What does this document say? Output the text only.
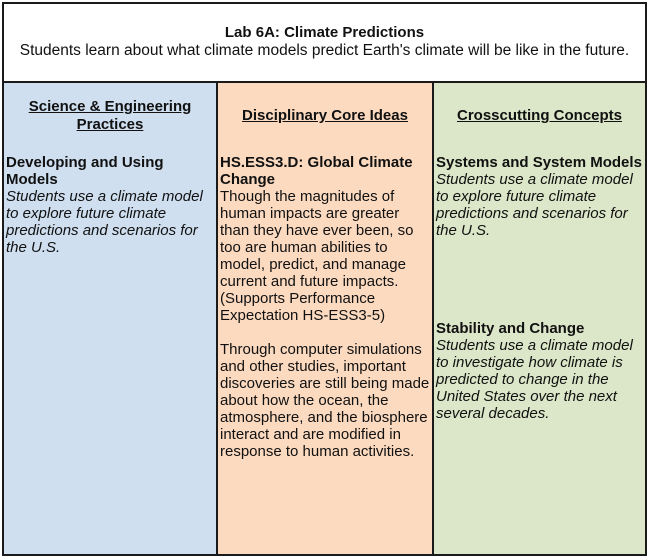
Lab 6A: Climate Predictions
Students learn about what climate models predict Earth's climate will be like in the future.
Science & Engineering Practices
Developing and Using Models
Students use a climate model to explore future climate predictions and scenarios for the U.S.
Disciplinary Core Ideas
HS.ESS3.D: Global Climate Change
Though the magnitudes of human impacts are greater than they have ever been, so too are human abilities to model, predict, and manage current and future impacts. (Supports Performance Expectation HS-ESS3-5)
Through computer simulations and other studies, important discoveries are still being made about how the ocean, the atmosphere, and the biosphere interact and are modified in response to human activities.
Crosscutting Concepts
Systems and System Models
Students use a climate model to explore future climate predictions and scenarios for the U.S.
Stability and Change
Students use a climate model to investigate how climate is predicted to change in the United States over the next several decades.
